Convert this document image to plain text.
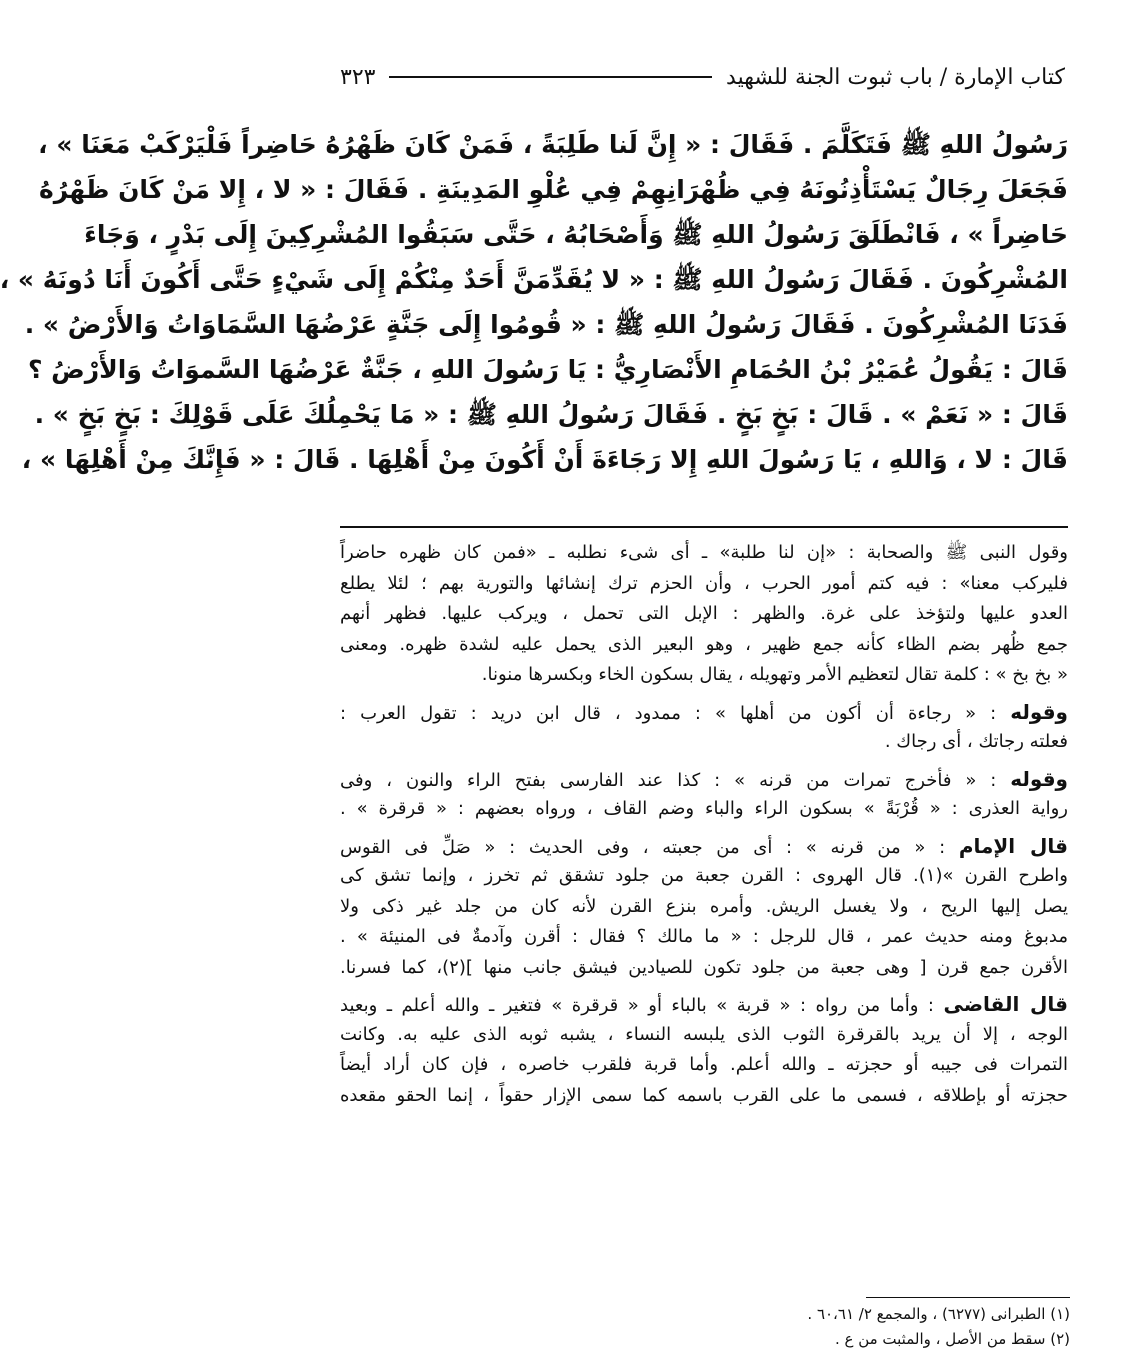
كتاب الإمارة / باب ثبوت الجنة للشهيد
٣٢٣
رَسُولُ اللهِ ﷺ فَتَكَلَّمَ . فَقَالَ : « إِنَّ لَنا طَلِبَةً ، فَمَنْ كَانَ ظَهْرُهُ حَاضِراً فَلْيَرْكَبْ مَعَنَا » ،
فَجَعَلَ رِجَالٌ يَسْتَأْذِنُونَهُ فِي ظُهْرَانِهِمْ فِي عُلْوِ المَدِينَةِ . فَقَالَ : « لا ، إِلا مَنْ كَانَ ظَهْرُهُ
حَاضِراً » ، فَانْطَلَقَ رَسُولُ اللهِ ﷺ وَأَصْحَابُهُ ، حَتَّى سَبَقُوا المُشْرِكِينَ إِلَى بَدْرٍ ، وَجَاءَ
المُشْرِكُونَ . فَقَالَ رَسُولُ اللهِ ﷺ : « لا يُقَدِّمَنَّ أَحَدٌ مِنْكُمْ إِلَى شَيْءٍ حَتَّى أَكُونَ أَنَا دُونَهُ » ،
فَدَنَا المُشْرِكُونَ . فَقَالَ رَسُولُ اللهِ ﷺ : « قُومُوا إِلَى جَنَّةٍ عَرْضُهَا السَّمَاوَاتُ وَالأَرْضُ » .
قَالَ : يَقُولُ عُمَيْرُ بْنُ الحُمَامِ الأَنْصَارِيُّ : يَا رَسُولَ اللهِ ، جَنَّةٌ عَرْضُهَا السَّموَاتُ وَالأَرْضُ ؟
قَالَ : « نَعَمْ » . قَالَ : بَخٍ بَخٍ . فَقَالَ رَسُولُ اللهِ ﷺ : « مَا يَحْمِلُكَ عَلَى قَوْلِكَ : بَخٍ بَخٍ » .
قَالَ : لا ، وَاللهِ ، يَا رَسُولَ اللهِ إِلا رَجَاءَةَ أَنْ أَكُونَ مِنْ أَهْلِهَا . قَالَ : « فَإِنَّكَ مِنْ أَهْلِهَا » ،
وقول النبى ﷺ والصحابة : «إن لنا طلبة» ـ أى شىء نطلبه ـ «فمن كان ظهره حاضراً
فليركب معنا» : فيه كتم أمور الحرب ، وأن الحزم ترك إنشائها والتورية بهم ؛ لئلا يطلع
العدو عليها ولتؤخذ على غرة. والظهر : الإبل التى تحمل ، ويركب عليها. فظهر أنهم
جمع ظُهر بضم الظاء كأنه جمع ظهير ، وهو البعير الذى يحمل عليه لشدة ظهره. ومعنى
« بخ بخ » : كلمة تقال لتعظيم الأمر وتهويله ، يقال بسكون الخاء وبكسرها منونا.
وقوله : « رجاءة أن أكون من أهلها » : ممدود ، قال ابن دريد : تقول العرب :
فعلته رجاتك ، أى رجاك .
وقوله : « فأخرج تمرات من قرنه » : كذا عند الفارسى بفتح الراء والنون ، وفى
رواية العذرى : « قُرْبَةً » بسكون الراء والباء وضم القاف ، ورواه بعضهم : « قرقرة » .
قال الإمام : « من قرنه » : أى من جعبته ، وفى الحديث : « صَلِّ فى القوس
واطرح القرن »(١). قال الهروى : القرن جعبة من جلود تشقق ثم تخرز ، وإنما تشق كى
يصل إليها الريح ، ولا يغسل الريش. وأمره بنزع القرن لأنه كان من جلد غير ذكى ولا
مدبوغ ومنه حديث عمر ، قال للرجل : « ما مالك ؟ فقال : أقرن وآدمةٌ فى المنيئة » .
الأقرن جمع قرن [ وهى جعبة من جلود تكون للصيادين فيشق جانب منها ](٢)، كما فسرنا.
قال القاضى : وأما من رواه : « قربة » بالباء أو « قرقرة » فتغير ـ والله أعلم ـ وبعيد
الوجه ، إلا أن يريد بالقرقرة الثوب الذى يلبسه النساء ، يشبه ثوبه الذى عليه به. وكانت
التمرات فى جيبه أو حجزته ـ والله أعلم. وأما قربة فلقرب خاصره ، فإن كان أراد أيضاً
حجزته أو بإطلاقه ، فسمى ما على القرب باسمه كما سمى الإزار حقواً ، إنما الحقو مقعده
(١) الطبرانى (٦٢٧٧) ، والمجمع ٢/ ٦٠،٦١ .
(٢) سقط من الأصل ، والمثبت من ع .
